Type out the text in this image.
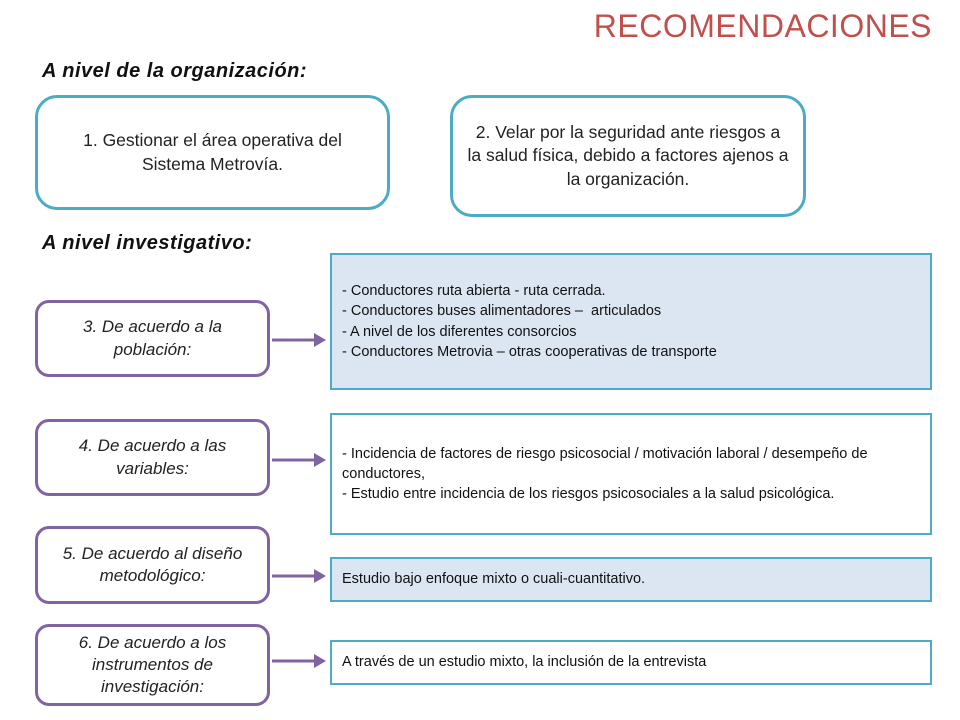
RECOMENDACIONES
A nivel de la organización:
1. Gestionar el área operativa del Sistema Metrovía.
2. Velar por la seguridad ante riesgos a la salud física, debido a factores ajenos a la organización.
A nivel investigativo:
3. De acuerdo a la población:
- Conductores ruta abierta - ruta cerrada.
- Conductores buses alimentadores –  articulados
- A nivel de los diferentes consorcios
- Conductores Metrovia – otras cooperativas de transporte
4. De acuerdo a las variables:
- Incidencia de factores de riesgo psicosocial / motivación laboral / desempeño de conductores,
- Estudio entre incidencia de los riesgos psicosociales a la salud psicológica.
5. De acuerdo al diseño metodológico:	Estudio bajo enfoque mixto o cuali-cuantitativo.
6. De acuerdo a los instrumentos de investigación:
A través de un estudio mixto, la inclusión de la entrevista
